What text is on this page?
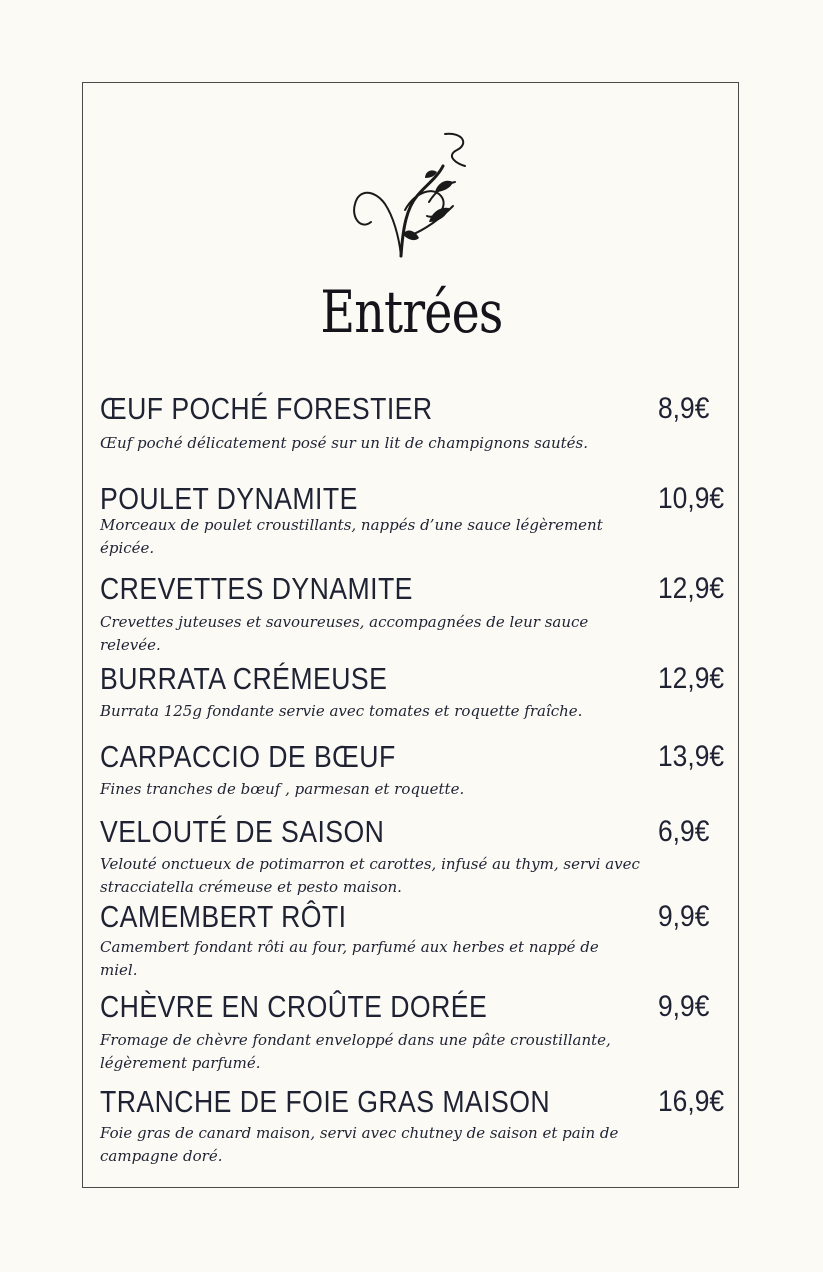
Entrées
ŒUF POCHÉ FORESTIER	8,9€
Œuf poché délicatement posé sur un lit de champignons sautés.
POULET DYNAMITE	10,9€
Morceaux de poulet croustillants, nappés d’une sauce légèrement épicée.
CREVETTES DYNAMITE	12,9€
Crevettes juteuses et savoureuses, accompagnées de leur sauce relevée.
BURRATA CRÉMEUSE	12,9€
Burrata 125g fondante servie avec tomates et roquette fraîche.
CARPACCIO DE BŒUF	13,9€
Fines tranches de bœuf , parmesan et roquette.
VELOUTÉ DE SAISON	6,9€
Velouté onctueux de potimarron et carottes, infusé au thym, servi avec stracciatella crémeuse et pesto maison.
CAMEMBERT RÔTI	9,9€
Camembert fondant rôti au four, parfumé aux herbes et nappé de miel.
CHÈVRE EN CROÛTE DORÉE	9,9€
Fromage de chèvre fondant enveloppé dans une pâte croustillante, légèrement parfumé.
TRANCHE DE FOIE GRAS MAISON	16,9€
Foie gras de canard maison, servi avec chutney de saison et pain de campagne doré.
